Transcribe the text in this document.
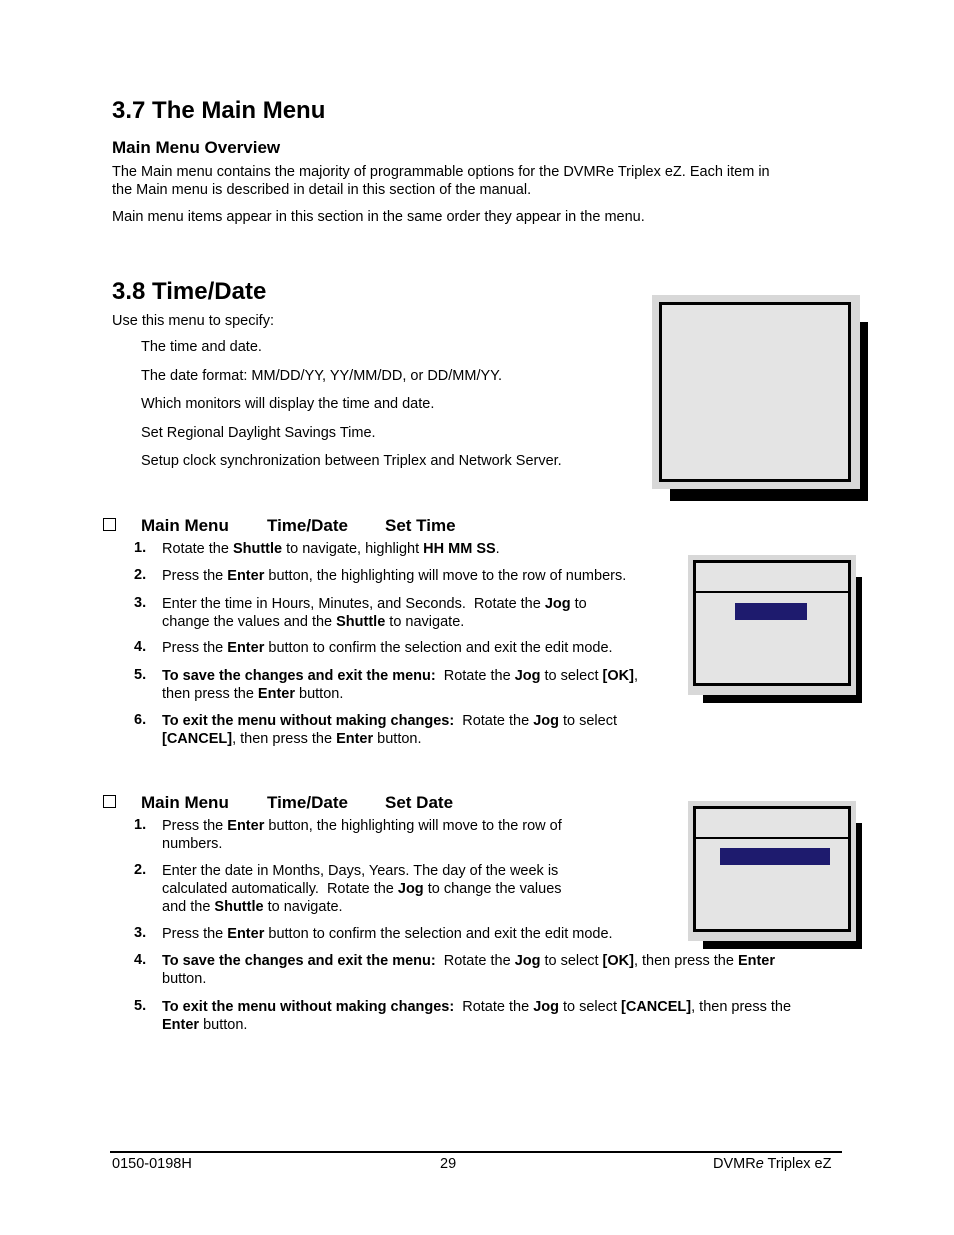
3.7 The Main Menu
Main Menu Overview
The Main menu contains the majority of programmable options for the DVMRe Triplex eZ. Each item in
the Main menu is described in detail in this section of the manual.
Main menu items appear in this section in the same order they appear in the menu.
3.8 Time/Date
Use this menu to specify:
The time and date.
The date format: MM/DD/YY, YY/MM/DD, or DD/MM/YY.
Which monitors will display the time and date.
Set Regional Daylight Savings Time.
Setup clock synchronization between Triplex and Network Server.
Main Menu Time/Date Set Time
1. Rotate the Shuttle to navigate, highlight HH MM SS.
2. Press the Enter button, the highlighting will move to the row of numbers.
3. Enter the time in Hours, Minutes, and Seconds.  Rotate the Jog to
change the values and the Shuttle to navigate.
4. Press the Enter button to confirm the selection and exit the edit mode.
5. To save the changes and exit the menu:  Rotate the Jog to select [OK],
then press the Enter button.
6. To exit the menu without making changes:  Rotate the Jog to select
[CANCEL], then press the Enter button.
Main Menu Time/Date Set Date
1. Press the Enter button, the highlighting will move to the row of
numbers.
2. Enter the date in Months, Days, Years. The day of the week is
calculated automatically.  Rotate the Jog to change the values
and the Shuttle to navigate.
3. Press the Enter button to confirm the selection and exit the edit mode.
4. To save the changes and exit the menu:  Rotate the Jog to select [OK], then press the Enter
button.
5. To exit the menu without making changes:  Rotate the Jog to select [CANCEL], then press the
Enter button.
0150-0198H	29	DVMRe Triplex eZ
